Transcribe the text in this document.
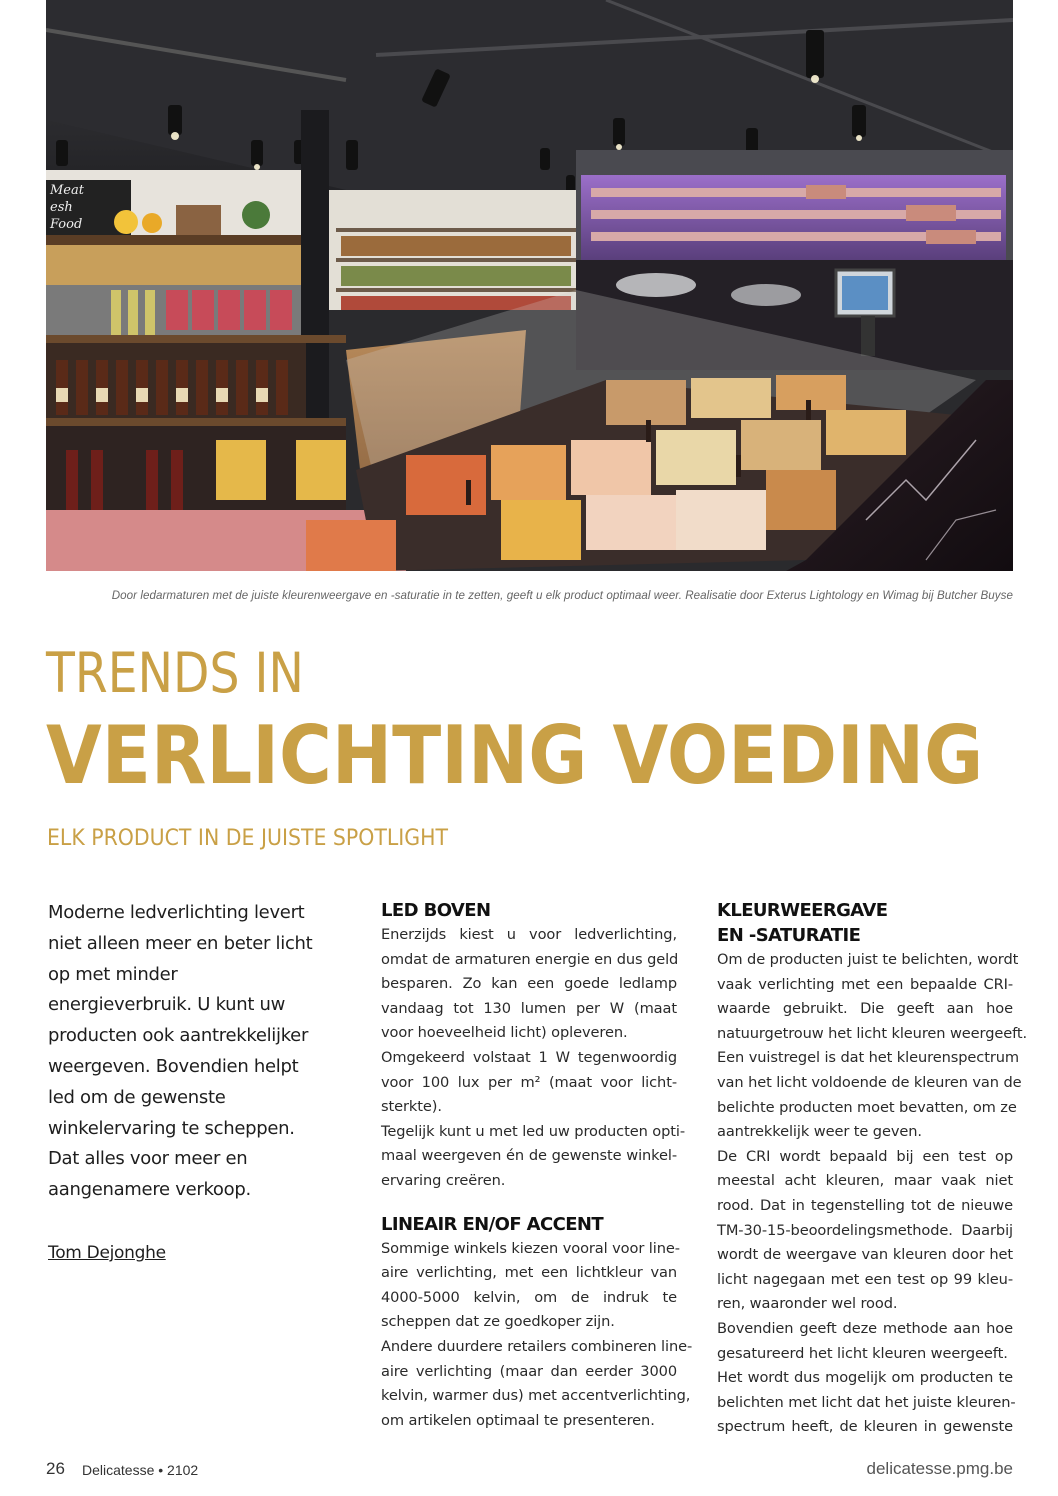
Meat
esh
Food
Door ledarmaturen met de juiste kleurenweergave en -saturatie in te zetten, geeft u elk product optimaal weer. Realisatie door Exterus Lightology en Wimag bij Butcher Buyse
TRENDS IN
VERLICHTING VOEDING
ELK PRODUCT IN DE JUISTE SPOTLIGHT
Moderne ledverlichting levert
niet alleen meer en beter licht
op met minder
energieverbruik. U kunt uw
producten ook aantrekkelijker
weergeven. Bovendien helpt
led om de gewenste
winkelervaring te scheppen.
Dat alles voor meer en
aangenamere verkoop.
Tom Dejonghe
LED BOVEN
Enerzijds kiest u voor ledverlichting,
omdat de armaturen energie en dus geld
besparen. Zo kan een goede ledlamp
vandaag tot 130 lumen per W (maat
voor hoeveelheid licht) opleveren.
Omgekeerd volstaat 1 W tegenwoordig
voor 100 lux per m² (maat voor licht-
sterkte).
Tegelijk kunt u met led uw producten opti-
maal weergeven én de gewenste winkel-
ervaring creëren.
LINEAIR EN/OF ACCENT
Sommige winkels kiezen vooral voor line-
aire verlichting, met een lichtkleur van
4000-5000 kelvin, om de indruk te
scheppen dat ze goedkoper zijn.
Andere duurdere retailers combineren line-
aire verlichting (maar dan eerder 3000
kelvin, warmer dus) met accentverlichting,
om artikelen optimaal te presenteren.
KLEURWEERGAVE
EN -SATURATIE
Om de producten juist te belichten, wordt
vaak verlichting met een bepaalde CRI-
waarde gebruikt. Die geeft aan hoe
natuurgetrouw het licht kleuren weergeeft.
Een vuistregel is dat het kleurenspectrum
van het licht voldoende de kleuren van de
belichte producten moet bevatten, om ze
aantrekkelijk weer te geven.
De CRI wordt bepaald bij een test op
meestal acht kleuren, maar vaak niet
rood. Dat in tegenstelling tot de nieuwe
TM-30-15-beoordelingsmethode. Daarbij
wordt de weergave van kleuren door het
licht nagegaan met een test op 99 kleu-
ren, waaronder wel rood.
Bovendien geeft deze methode aan hoe
gesatureerd het licht kleuren weergeeft.
Het wordt dus mogelijk om producten te
belichten met licht dat het juiste kleuren-
spectrum heeft, de kleuren in gewenste
26 Delicatesse • 2102	delicatesse.pmg.be
